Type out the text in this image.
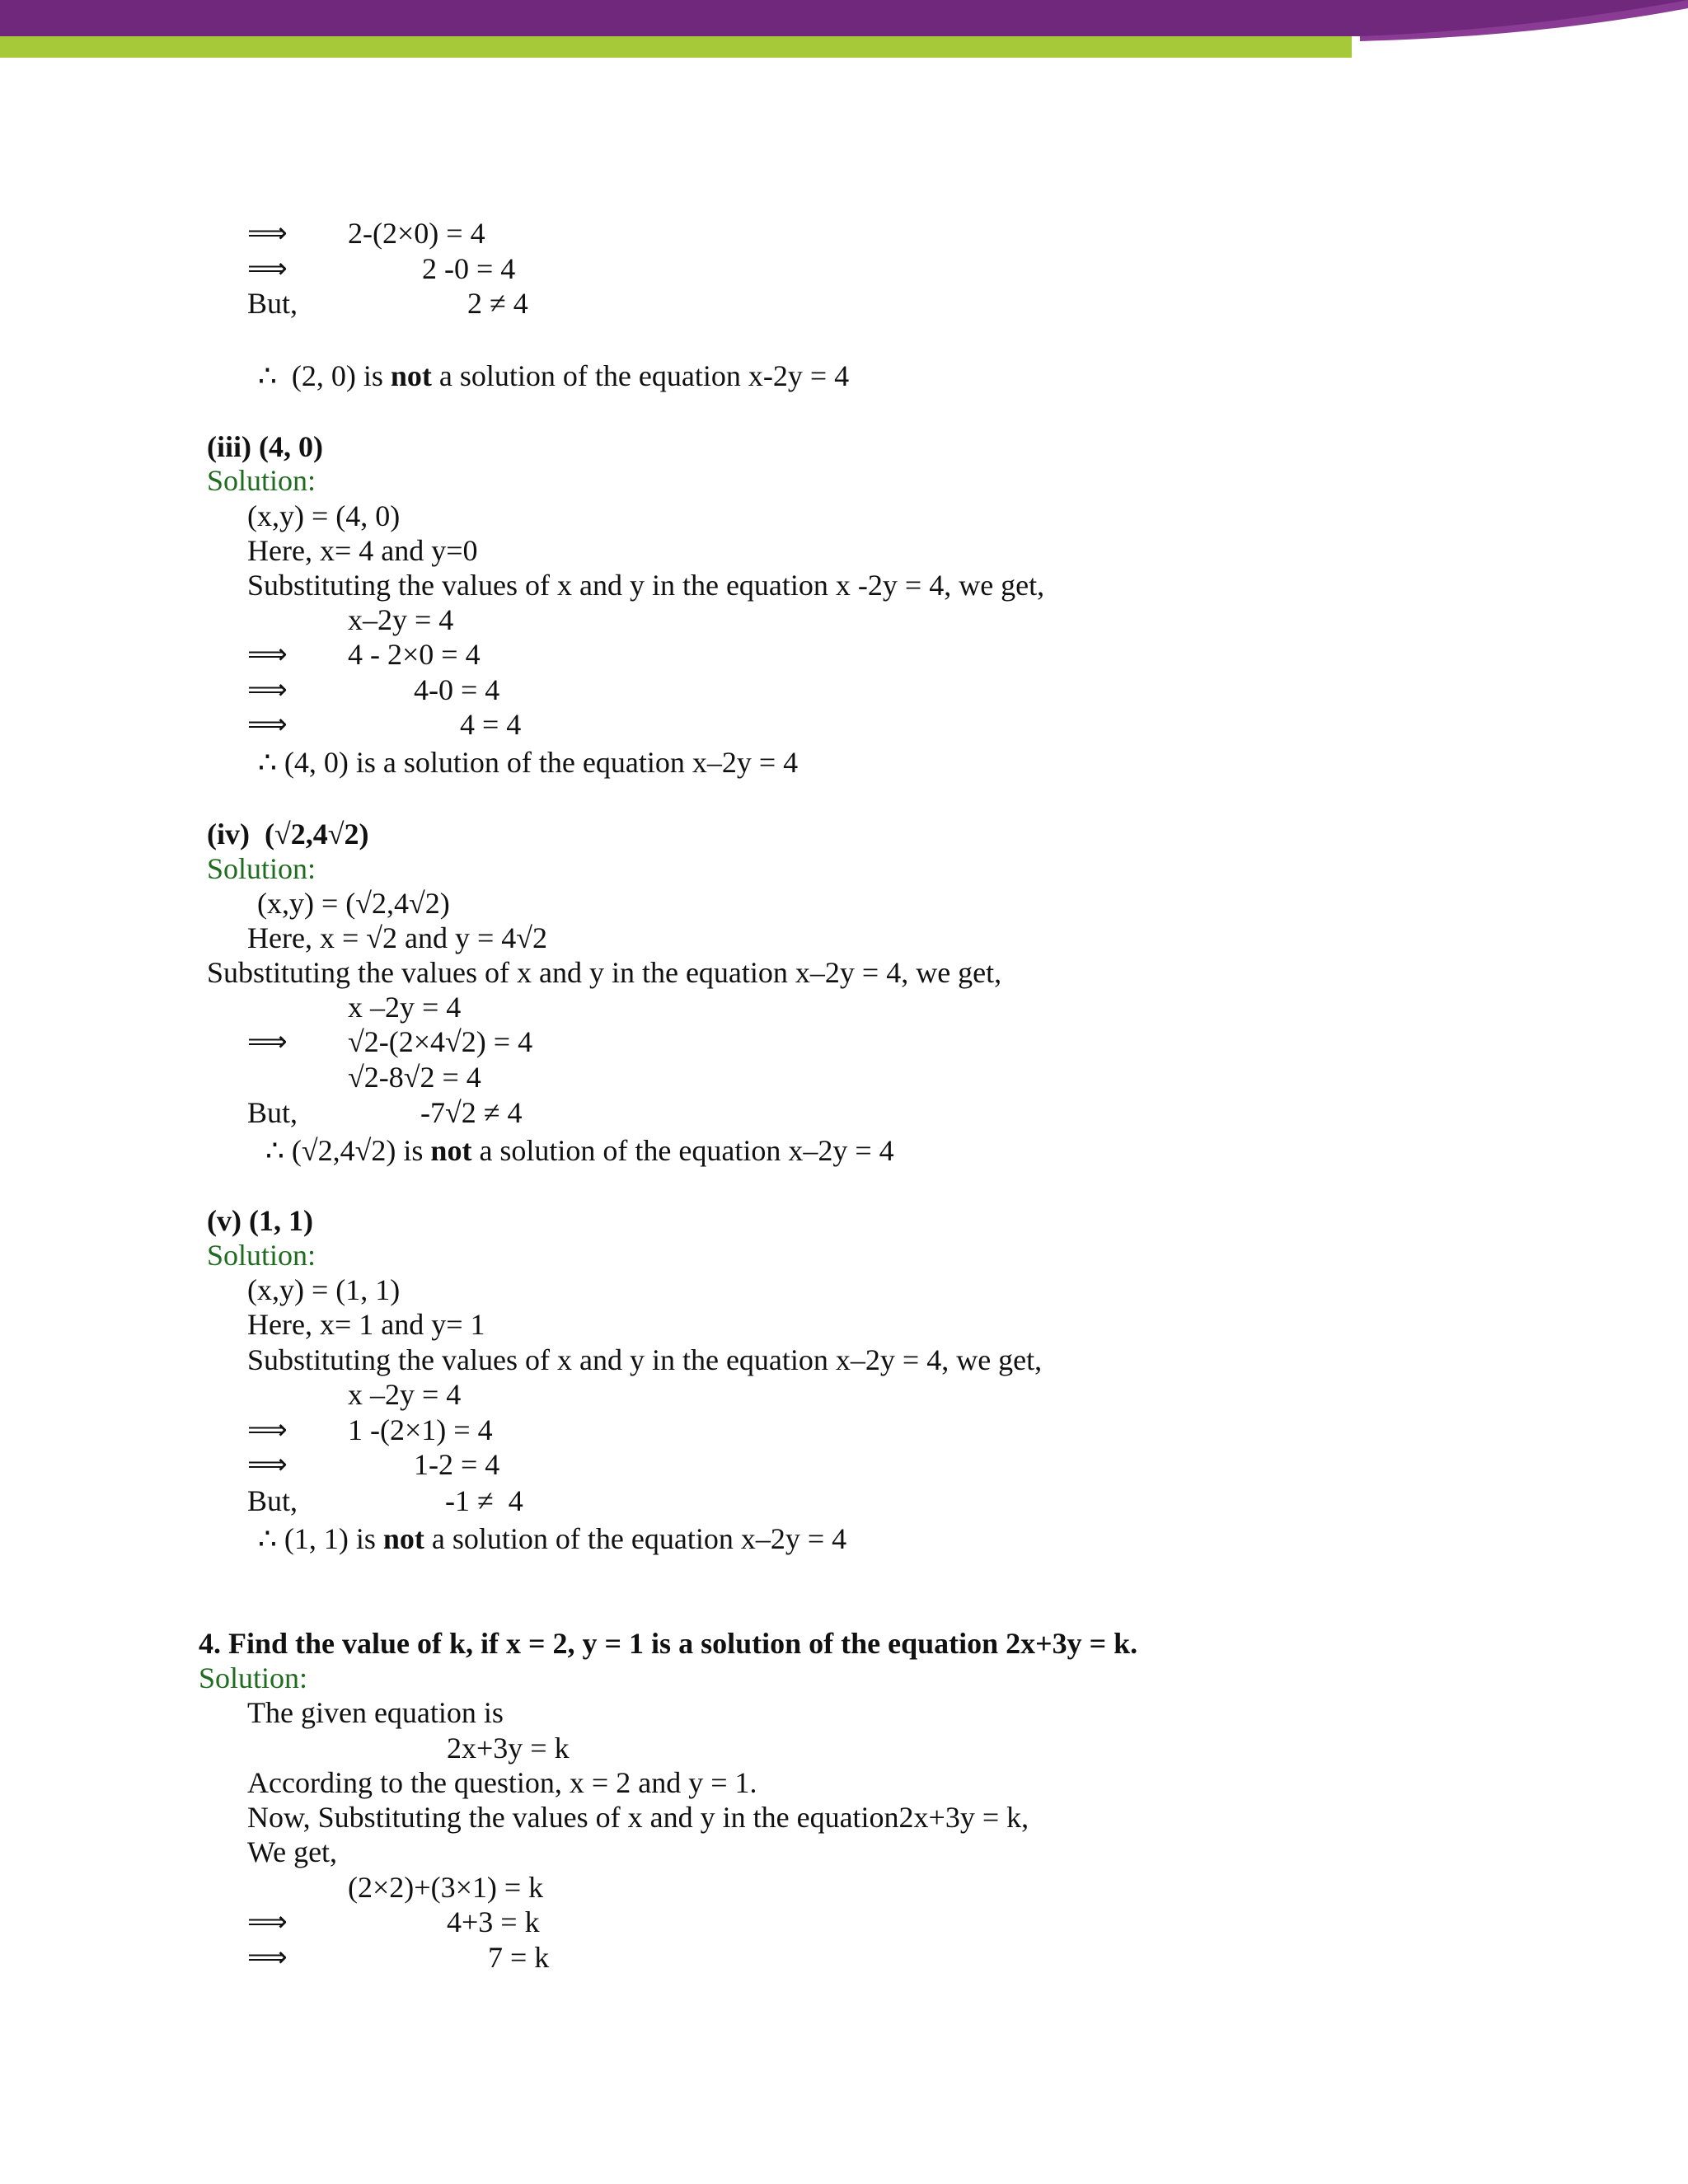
⟹ 2-(2×0) = 4
⟹	2 -0 = 4
But,	2 ≠ 4
∴ (2, 0) is not a solution of the equation x-2y = 4
(iii) (4, 0)
Solution:
(x,y) = (4, 0)
Here, x= 4 and y=0
Substituting the values of x and y in the equation x -2y = 4, we get,
x–2y = 4
⟹ 4 - 2×0 = 4
⟹	4-0 = 4
⟹	4 = 4
∴ (4, 0) is a solution of the equation x–2y = 4
(iv)  (√2,4√2)
Solution:
(x,y) = (√2,4√2)
Here, x = √2 and y = 4√2
Substituting the values of x and y in the equation x–2y = 4, we get,
x –2y = 4
⟹ √2-(2×4√2) = 4
√2-8√2 = 4
But,	-7√2 ≠ 4
∴ (√2,4√2) is not a solution of the equation x–2y = 4
(v) (1, 1)
Solution:
(x,y) = (1, 1)
Here, x= 1 and y= 1
Substituting the values of x and y in the equation x–2y = 4, we get,
x –2y = 4
⟹ 1 -(2×1) = 4
⟹	1-2 = 4
But,	-1 ≠  4
∴ (1, 1) is not a solution of the equation x–2y = 4
4. Find the value of k, if x = 2, y = 1 is a solution of the equation 2x+3y = k.
Solution:
The given equation is
2x+3y = k
According to the question, x = 2 and y = 1.
Now, Substituting the values of x and y in the equation2x+3y = k,
We get,
(2×2)+(3×1) = k
⟹	4+3 = k
⟹	7 = k
